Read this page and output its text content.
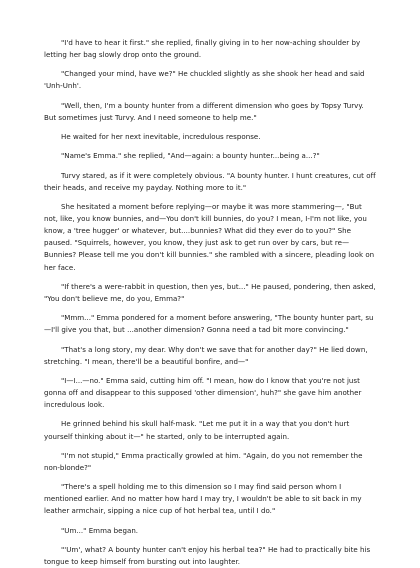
"I'd have to hear it first." she replied, finally giving in to her now-aching shoulder by letting her bag slowly drop onto the ground.

"Changed your mind, have we?" He chuckled slightly as she shook her head and said 'Unh-Unh'.

"Well, then, I'm a bounty hunter from a different dimension who goes by Topsy Turvy. But sometimes just Turvy. And I need someone to help me."

He waited for her next inevitable, incredulous response.

"Name's Emma." she replied, "And—again: a bounty hunter...being a...?"

Turvy stared, as if it were completely obvious. "A bounty hunter. I hunt creatures, cut off their heads, and receive my payday. Nothing more to it."

She hesitated a moment before replying—or maybe it was more stammering—, "But not, like, you know bunnies, and—You don't kill bunnies, do you? I mean, I-I'm not like, you know, a 'tree hugger' or whatever, but....bunnies? What did they ever do to you?" She paused. "Squirrels, however, you know, they just ask to get run over by cars, but re—Bunnies? Please tell me you don't kill bunnies." she rambled with a sincere, pleading look on her face.

"If there's a were-rabbit in question, then yes, but..." He paused, pondering, then asked, "You don't believe me, do you, Emma?"

"Mmm..." Emma pondered for a moment before answering, "The bounty hunter part, su—I'll give you that, but ...another dimension? Gonna need a tad bit more convincing."

"That's a long story, my dear. Why don't we save that for another day?" He lied down, stretching. "I mean, there'll be a beautiful bonfire, and—"

"I—I...—no." Emma said, cutting him off. "I mean, how do I know that you're not just gonna off and disappear to this supposed 'other dimension', huh?" she gave him another incredulous look.

He grinned behind his skull half-mask. "Let me put it in a way that you don't hurt yourself thinking about it—" he started, only to be interrupted again.

"I'm not stupid," Emma practically growled at him. "Again, do you not remember the non-blonde?"

"There's a spell holding me to this dimension so I may find said person whom I mentioned earlier. And no matter how hard I may try, I wouldn't be able to sit back in my leather armchair, sipping a nice cup of hot herbal tea, until I do."

"Um..." Emma began.

"'Um', what? A bounty hunter can't enjoy his herbal tea?" He had to practically bite his tongue to keep himself from bursting out into laughter.
